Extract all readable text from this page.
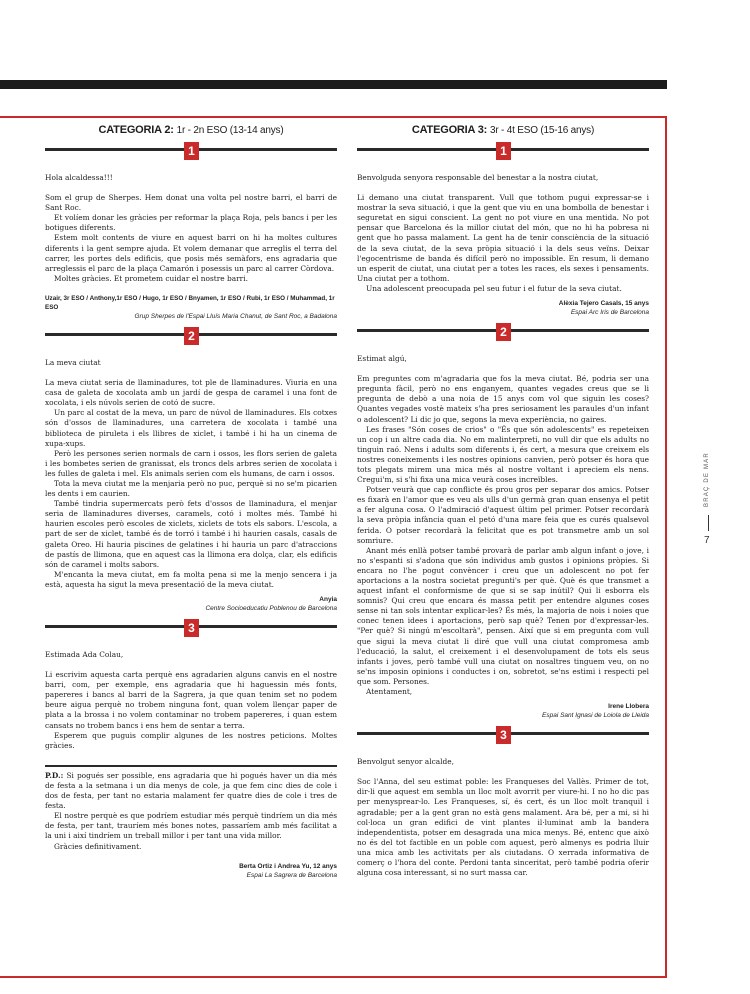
CATEGORIA 2: 1r - 2n ESO (13-14 anys)
1

Hola alcaldessa!!!

Som el grup de Sherpes. Hem donat una volta pel nostre barri, el barri de Sant Roc.

Et volíem donar les gràcies per reformar la plaça Roja, pels bancs i per les botigues diferents.

Estem molt contents de viure en aquest barri on hi ha moltes cultures diferents i la gent sempre ajuda. Et volem demanar que arreglis el terra del carrer, les portes dels edificis, que posis més semàfors, ens agradaria que arreglessis el parc de la plaça Camarón i posessis un parc al carrer Còrdova.

Moltes gràcies. Et prometem cuidar el nostre barri.

Uzair, 3r ESO / Anthony,1r ESO / Hugo, 1r ESO / Bnyamen, 1r ESO / Rubi, 1r ESO / Muhammad, 1r ESO

Grup Sherpes de l'Espai Lluís Maria Chanut, de Sant Roc, a Badalona

2

La meva ciutat

La meva ciutat seria de llaminadures, tot ple de llaminadures. Viuria en una casa de galeta de xocolata amb un jardí de gespa de caramel i una font de xocolata, i els núvols serien de cotó de sucre.

Un parc al costat de la meva, un parc de núvol de llaminadures. Els cotxes són d'ossos de llaminadures, una carretera de xocolata i també una biblioteca de piruleta i els llibres de xiclet, i també i hi ha un cinema de xupa-xups.

Però les persones serien normals de carn i ossos, les flors serien de galeta i les bombetes serien de granissat, els troncs dels arbres serien de xocolata i les fulles de galeta i mel. Els animals serien com els humans, de carn i ossos.

Tota la meva ciutat me la menjaria però no puc, perquè si no se'm picarien les dents i em caurien.

També tindria supermercats però fets d'ossos de llaminadura, el menjar seria de llaminadures diverses, caramels, cotó i moltes més. També hi haurien escoles però escoles de xiclets, xiclets de tots els sabors. L'escola, a part de ser de xiclet, també és de torró i també i hi haurien casals, casals de galeta Oreo. Hi hauria piscines de gelatines i hi hauria un parc d'atraccions de pastís de llimona, que en aquest cas la llimona era dolça, clar, els edificis són de caramel i molts sabors.

M'encanta la meva ciutat, em fa molta pena si me la menjo sencera i ja està, aquesta ha sigut la meva presentació de la meva ciutat.

Anyia

Centre Socioeducatiu Poblenou de Barcelona

3

Estimada Ada Colau,

Li escrivim aquesta carta perquè ens agradarien alguns canvis en el nostre barri, com, per exemple, ens agradaria que hi haguessin més fonts, papereres i bancs al barri de la Sagrera, ja que quan tenim set no podem beure aigua perquè no trobem ninguna font, quan volem llençar paper de plata a la brossa i no volem contaminar no trobem papereres, i quan estem cansats no trobem bancs i ens hem de sentar a terra.

Esperem que puguis complir algunes de les nostres peticions. Moltes gràcies.

P.D.: Si pogués ser possible, ens agradaria que hi pogués haver un dia més de festa a la setmana i un dia menys de cole, ja que fem cinc dies de cole i dos de festa, per tant no estaria malament fer quatre dies de cole i tres de festa.

El nostre perquè es que podríem estudiar més perquè tindríem un dia més de festa, per tant, trauríem més bones notes, passaríem amb més facilitat a la uni i així tindríem un treball millor i per tant una vida millor.

Gràcies definitivament.

Berta Ortiz i Andrea Yu, 12 anys

Espai La Sagrera de Barcelona

CATEGORIA 3: 3r - 4t ESO (15-16 anys)
1

Benvolguda senyora responsable del benestar a la nostra ciutat,

Li demano una ciutat transparent. Vull que tothom pugui expressar-se i mostrar la seva situació, i que la gent que viu en una bombolla de benestar i seguretat en sigui conscient. La gent no pot viure en una mentida. No pot pensar que Barcelona és la millor ciutat del món, que no hi ha pobresa ni gent que ho passa malament. La gent ha de tenir consciència de la situació de la seva ciutat, de la seva pròpia situació i la dels seus veïns. Deixar l'egocentrisme de banda és difícil però no impossible. En resum, li demano un esperit de ciutat, una ciutat per a totes les races, els sexes i pensaments. Una ciutat per a tothom.

Una adolescent preocupada pel seu futur i el futur de la seva ciutat.

Alèxia Tejero Casals, 15 anys

Espai Arc Iris de Barcelona

2

Estimat algú,

Em preguntes com m'agradaria que fos la meva ciutat. Bé, podria ser una pregunta fàcil, però no ens enganyem, quantes vegades creus que se li pregunta de debò a una noia de 15 anys com vol que siguin les coses? Quantes vegades vostè mateix s'ha pres seriosament les paraules d'un infant o adolescent? Li dic jo que, segons la meva experiència, no gaires.

Les frases "Són coses de crios" o "És que són adolescents" es repeteixen un cop i un altre cada dia. No em malinterpreti, no vull dir que els adults no tinguin raó. Nens i adults som diferents i, és cert, a mesura que creixem els nostres coneixements i les nostres opinions canvien, però potser és hora que tots plegats mirem una mica més al nostre voltant i apreciem els nens. Cregui'm, si s'hi fixa una mica veurà coses increïbles.

Potser veurà que cap conflicte és prou gros per separar dos amics. Potser es fixarà en l'amor que es veu als ulls d'un germà gran quan ensenya el petit a fer alguna cosa. O l'admiració d'aquest últim pel primer. Potser recordarà la seva pròpia infància quan el petó d'una mare feia que es curés qualsevol ferida. O potser recordarà la felicitat que es pot transmetre amb un sol somriure.

Anant més enllà potser també provarà de parlar amb algun infant o jove, i no s'espanti si s'adona que són individus amb gustos i opinions pròpies. Si encara no l'he pogut convèncer i creu que un adolescent no pot fer aportacions a la nostra societat pregunti's per què. Què és que transmet a aquest infant el conformisme de que si se sap inútil? Qui li esborra els somnis? Qui creu que encara és massa petit per entendre algunes coses sense ni tan sols intentar explicar-les? És més, la majoria de nois i noies que conec tenen idees i aportacions, però sap què? Tenen por d'expressar-les. "Per què? Si ningú m'escoltarà", pensen. Així que si em pregunta com vull que sigui la meva ciutat li diré que vull una ciutat compromesa amb l'educació, la salut, el creixement i el desenvolupament de tots els seus infants i joves, però també vull una ciutat on nosaltres tinguem veu, on no se'ns imposin opinions i conductes i on, sobretot, se'ns estimi i respecti pel que som. Persones.

Atentament,

Irene Llobera

Espai Sant Ignasi de Loiola de Lleida

3

Benvolgut senyor alcalde,

Soc l'Anna, del seu estimat poble: les Franqueses del Vallès. Primer de tot, dir-li que aquest em sembla un lloc molt avorrit per viure-hi. I no ho dic pas per menysprear-lo. Les Franqueses, sí, és cert, és un lloc molt tranquil i agradable; per a la gent gran no està gens malament. Ara bé, per a mi, si hi col·loca un gran edifici de vint plantes il·luminat amb la bandera independentista, potser em desagrada una mica menys. Bé, entenc que això no és del tot factible en un poble com aquest, però almenys es podria lluir una mica amb les activitats per als ciutadans. O xerrada informativa de comerç o l'hora del conte. Perdoni tanta sinceritat, però també podria oferir alguna cosa interessant, si no surt massa car.

BRAÇ DE MAR
7
